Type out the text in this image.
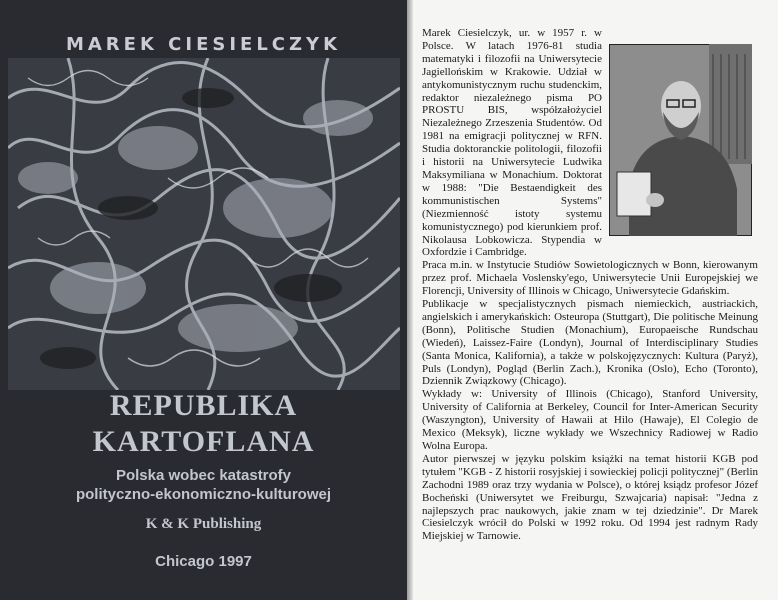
MAREK CIESIELCZYK
REPUBLIKA
KARTOFLANA
Polska wobec katastrofy
polityczno-ekonomiczno-kulturowej
K & K Publishing
Chicago 1997

Marek Ciesielczyk, ur. w 1957 r. w Polsce. W latach 1976-81 studia matematyki i filozofii na Uniwersytecie Jagiellońskim w Krakowie. Udział w antykomunistycznym ruchu studenckim, redaktor niezależnego pisma PO PROSTU BIS, współzałożyciel Niezależnego Zrzeszenia Studentów. Od 1981 na emigracji politycznej w RFN. Studia doktoranckie politologii, filozofii i historii na Uniwersytecie Ludwika Maksymiliana w Monachium. Doktorat w 1988: "Die Bestaendigkeit des kommunistischen Systems" (Niezmienność istoty systemu komunistycznego) pod kierunkiem prof. Nikolausa Lobkowicza. Stypendia w Oxfordzie i Cambridge.

Praca m.in. w Instytucie Studiów Sowietologicznych w Bonn, kierowanym przez prof. Michaela Voslensky'ego, Uniwersytecie Unii Europejskiej we Florencji, University of Illinois w Chicago, Uniwersytecie Gdańskim.

Publikacje w specjalistycznych pismach niemieckich, austriackich, angielskich i amerykańskich: Osteuropa (Stuttgart), Die politische Meinung (Bonn), Politische Studien (Monachium), Europaeische Rundschau (Wiedeń), Laissez-Faire (Londyn), Journal of Interdisciplinary Studies (Santa Monica, Kalifornia), a także w polskojęzycznych: Kultura (Paryż), Puls (Londyn), Pogląd (Berlin Zach.), Kronika (Oslo), Echo (Toronto), Dziennik Związkowy (Chicago).

Wykłady w: University of Illinois (Chicago), Stanford University, University of California at Berkeley, Council for Inter-American Security (Waszyngton), University of Hawaii at Hilo (Hawaje), El Colegio de Mexico (Meksyk), liczne wykłady we Wszechnicy Radiowej w Radio Wolna Europa.

Autor pierwszej w języku polskim książki na temat historii KGB pod tytułem "KGB - Z historii rosyjskiej i sowieckiej policji politycznej" (Berlin Zachodni 1989 oraz trzy wydania w Polsce), o której ksiądz profesor Józef Bocheński (Uniwersytet we Freiburgu, Szwajcaria) napisał: "Jedna z najlepszych prac naukowych, jakie znam w tej dziedzinie". Dr Marek Ciesielczyk wrócił do Polski w 1992 roku. Od 1994 jest radnym Rady Miejskiej w Tarnowie.
